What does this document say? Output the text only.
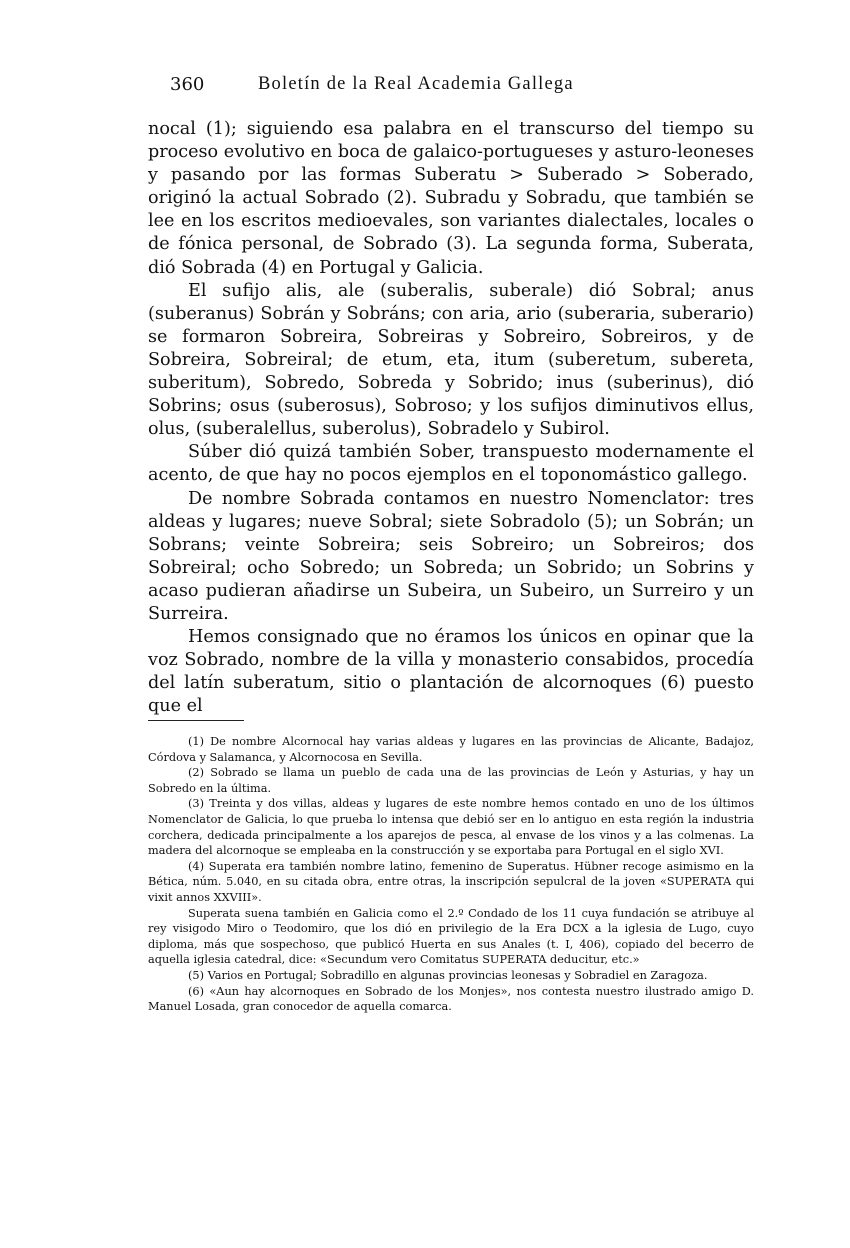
360	Boletín de la Real Academia Gallega

nocal (1); siguiendo esa palabra en el transcurso del tiempo su proceso evolutivo en boca de galaico-portugueses y asturo-leoneses y pasando por las formas Suberatu > Suberado > Soberado, originó la actual Sobrado (2). Subradu y Sobradu, que también se lee en los escritos medioevales, son variantes dialectales, locales o de fónica personal, de Sobrado (3). La segunda forma, Suberata, dió Sobrada (4) en Portugal y Galicia.

El sufijo alis, ale (suberalis, suberale) dió Sobral; anus (suberanus) Sobrán y Sobráns; con aria, ario (suberaria, suberario) se formaron Sobreira, Sobreiras y Sobreiro, Sobreiros, y de Sobreira, Sobreiral; de etum, eta, itum (suberetum, subereta, suberitum), Sobredo, Sobreda y Sobrido; inus (suberinus), dió Sobrins; osus (suberosus), Sobroso; y los sufijos diminutivos ellus, olus, (suberalellus, suberolus), Sobradelo y Subirol.

Súber dió quizá también Sober, transpuesto modernamente el acento, de que hay no pocos ejemplos en el toponomástico gallego.

De nombre Sobrada contamos en nuestro Nomenclator: tres aldeas y lugares; nueve Sobral; siete Sobradolo (5); un Sobrán; un Sobrans; veinte Sobreira; seis Sobreiro; un Sobreiros; dos Sobreiral; ocho Sobredo; un Sobreda; un Sobrido; un Sobrins y acaso pudieran añadirse un Subeira, un Subeiro, un Surreiro y un Surreira.

Hemos consignado que no éramos los únicos en opinar que la voz Sobrado, nombre de la villa y monasterio consabidos, procedía del latín suberatum, sitio o plantación de alcornoques (6) puesto que el

(1) De nombre Alcornocal hay varias aldeas y lugares en las provincias de Alicante, Badajoz, Córdova y Salamanca, y Alcornocosa en Sevilla.

(2) Sobrado se llama un pueblo de cada una de las provincias de León y Asturias, y hay un Sobredo en la última.

(3) Treinta y dos villas, aldeas y lugares de este nombre hemos contado en uno de los últimos Nomenclator de Galicia, lo que prueba lo intensa que debió ser en lo antiguo en esta región la industria corchera, dedicada principalmente a los aparejos de pesca, al envase de los vinos y a las colmenas. La madera del alcornoque se empleaba en la construcción y se exportaba para Portugal en el siglo XVI.

(4) Superata era también nombre latino, femenino de Superatus. Hübner recoge asimismo en la Bética, núm. 5.040, en su citada obra, entre otras, la inscripción sepulcral de la joven «SUPERATA qui vixit annos XXVIII».

Superata suena también en Galicia como el 2.º Condado de los 11 cuya fundación se atribuye al rey visigodo Miro o Teodomiro, que los dió en privilegio de la Era DCX a la iglesia de Lugo, cuyo diploma, más que sospechoso, que publicó Huerta en sus Anales (t. I, 406), copiado del becerro de aquella iglesia catedral, dice: «Secundum vero Comitatus SUPERATA deducitur, etc.»

(5) Varios en Portugal; Sobradillo en algunas provincias leonesas y Sobradiel en Zaragoza.

(6) «Aun hay alcornoques en Sobrado de los Monjes», nos contesta nuestro ilustrado amigo D. Manuel Losada, gran conocedor de aquella comarca.
